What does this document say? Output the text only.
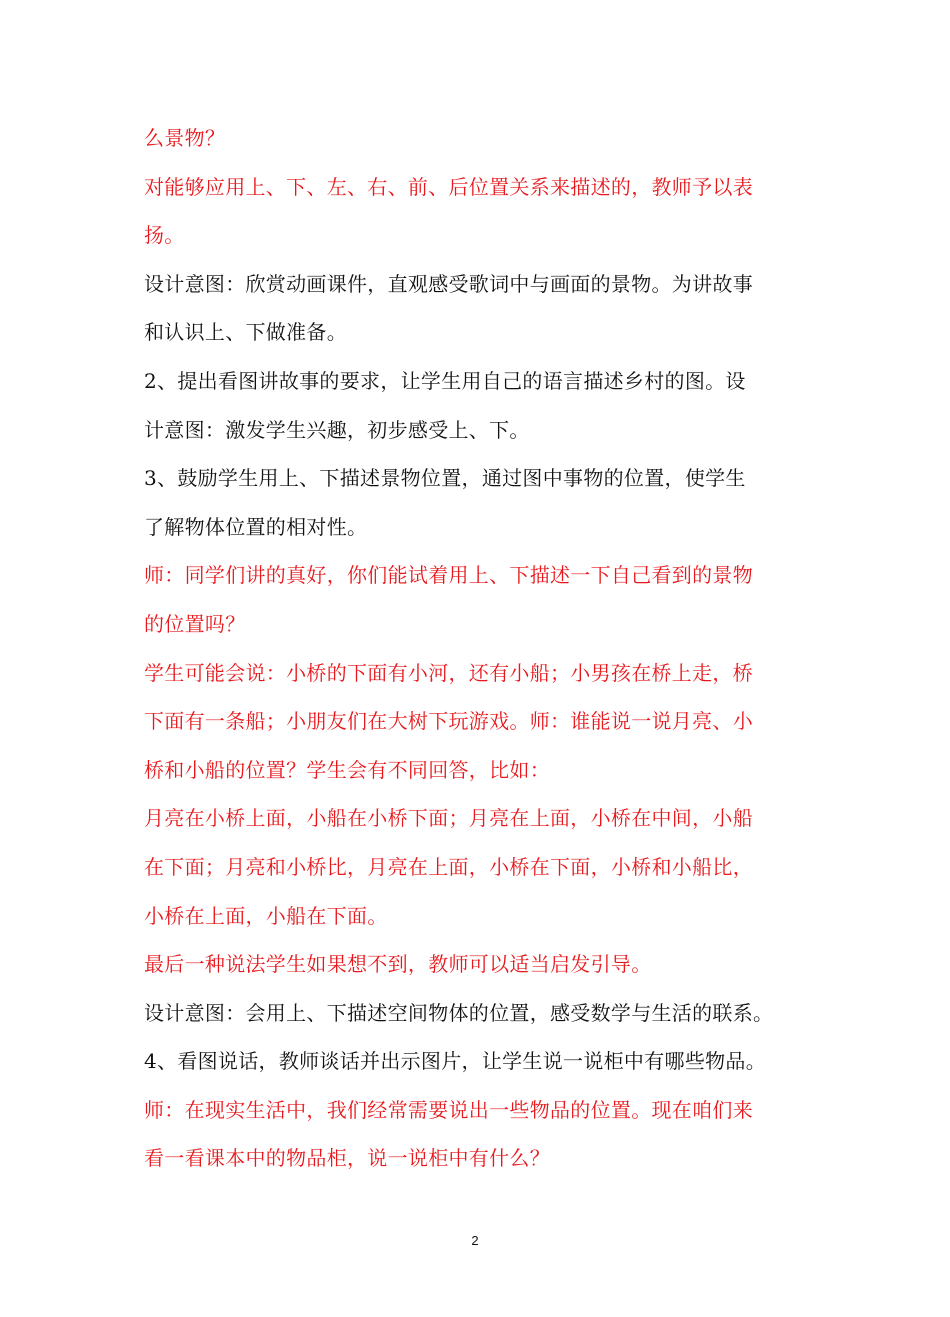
么景物？
对能够应用上、下、左、右、前、后位置关系来描述的，教师予以表
扬。
设计意图：欣赏动画课件，直观感受歌词中与画面的景物。为讲故事
和认识上、下做准备。
2、提出看图讲故事的要求，让学生用自己的语言描述乡村的图。设
计意图：激发学生兴趣，初步感受上、下。
3、鼓励学生用上、下描述景物位置，通过图中事物的位置，使学生
了解物体位置的相对性。
师：同学们讲的真好，你们能试着用上、下描述一下自己看到的景物
的位置吗？
学生可能会说：小桥的下面有小河，还有小船；小男孩在桥上走，桥
下面有一条船；小朋友们在大树下玩游戏。师：谁能说一说月亮、小
桥和小船的位置？学生会有不同回答，比如：
月亮在小桥上面，小船在小桥下面；月亮在上面，小桥在中间，小船
在下面；月亮和小桥比，月亮在上面，小桥在下面，小桥和小船比，
小桥在上面，小船在下面。
最后一种说法学生如果想不到，教师可以适当启发引导。
设计意图：会用上、下描述空间物体的位置，感受数学与生活的联系。
4、看图说话，教师谈话并出示图片，让学生说一说柜中有哪些物品。
师：在现实生活中，我们经常需要说出一些物品的位置。现在咱们来
看一看课本中的物品柜，说一说柜中有什么？
2
